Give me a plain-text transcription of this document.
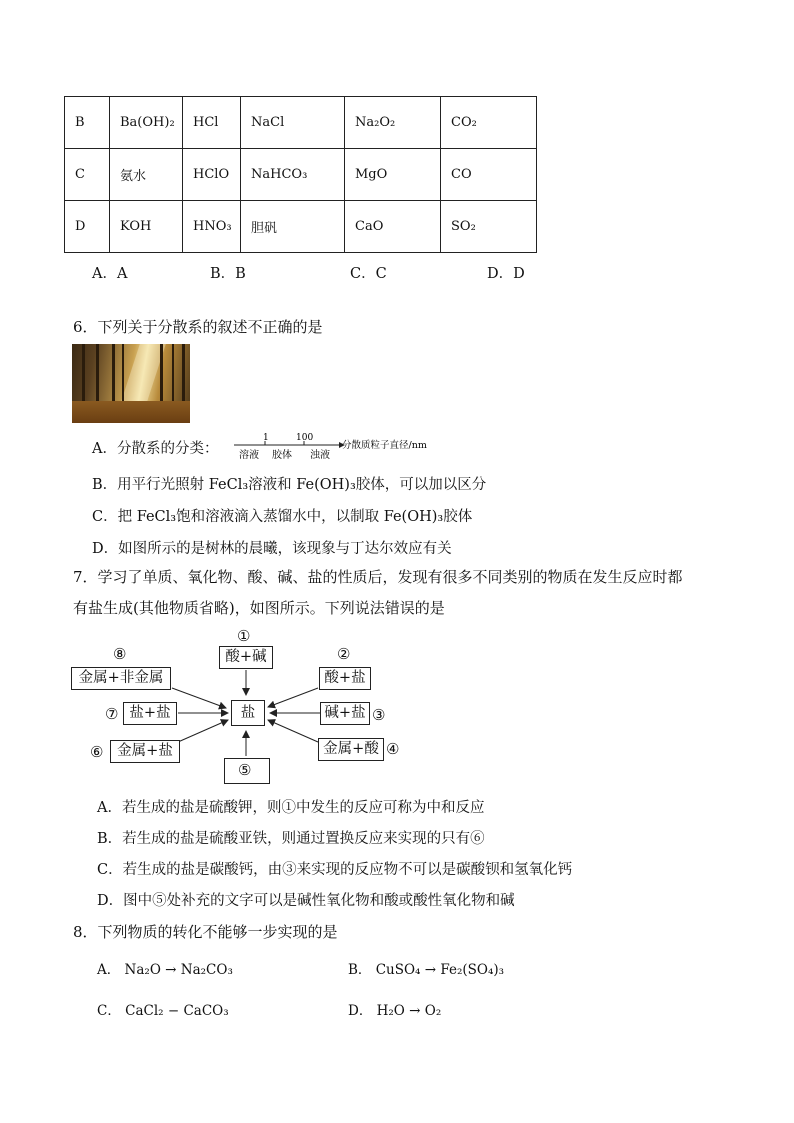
B	Ba(OH)₂	HCl	NaCl	Na₂O₂	CO₂
C	氨水	HClO	NaHCO₃	MgO	CO
D	KOH	HNO₃	胆矾	CaO	SO₂
A．A	B．B	C．C	D．D
6．下列关于分散系的叙述不正确的是
A．分散系的分类：
1	100
分散质粒子直径/nm
溶液 胶体 浊液
B．用平行光照射 FeCl₃溶液和 Fe(OH)₃胶体，可以加以区分
C．把 FeCl₃饱和溶液滴入蒸馏水中，以制取 Fe(OH)₃胶体
D．如图所示的是树林的晨曦，该现象与丁达尔效应有关
7．学习了单质、氧化物、酸、碱、盐的性质后，发现有很多不同类别的物质在发生反应时都
有盐生成(其他物质省略)，如图所示。下列说法错误的是
①
酸+碱
⑧
金属+非金属
②
酸+盐
⑦ 盐+盐	盐	碱+盐 ③
⑥ 金属+盐	金属+酸 ④
⑤
A．若生成的盐是硫酸钾，则①中发生的反应可称为中和反应
B．若生成的盐是硫酸亚铁，则通过置换反应来实现的只有⑥
C．若生成的盐是碳酸钙，由③来实现的反应物不可以是碳酸钡和氢氧化钙
D．图中⑤处补充的文字可以是碱性氧化物和酸或酸性氧化物和碱
8．下列物质的转化不能够一步实现的是
A． Na₂O → Na₂CO₃	B． CuSO₄ → Fe₂(SO₄)₃
C． CaCl₂ − CaCO₃	D． H₂O → O₂
